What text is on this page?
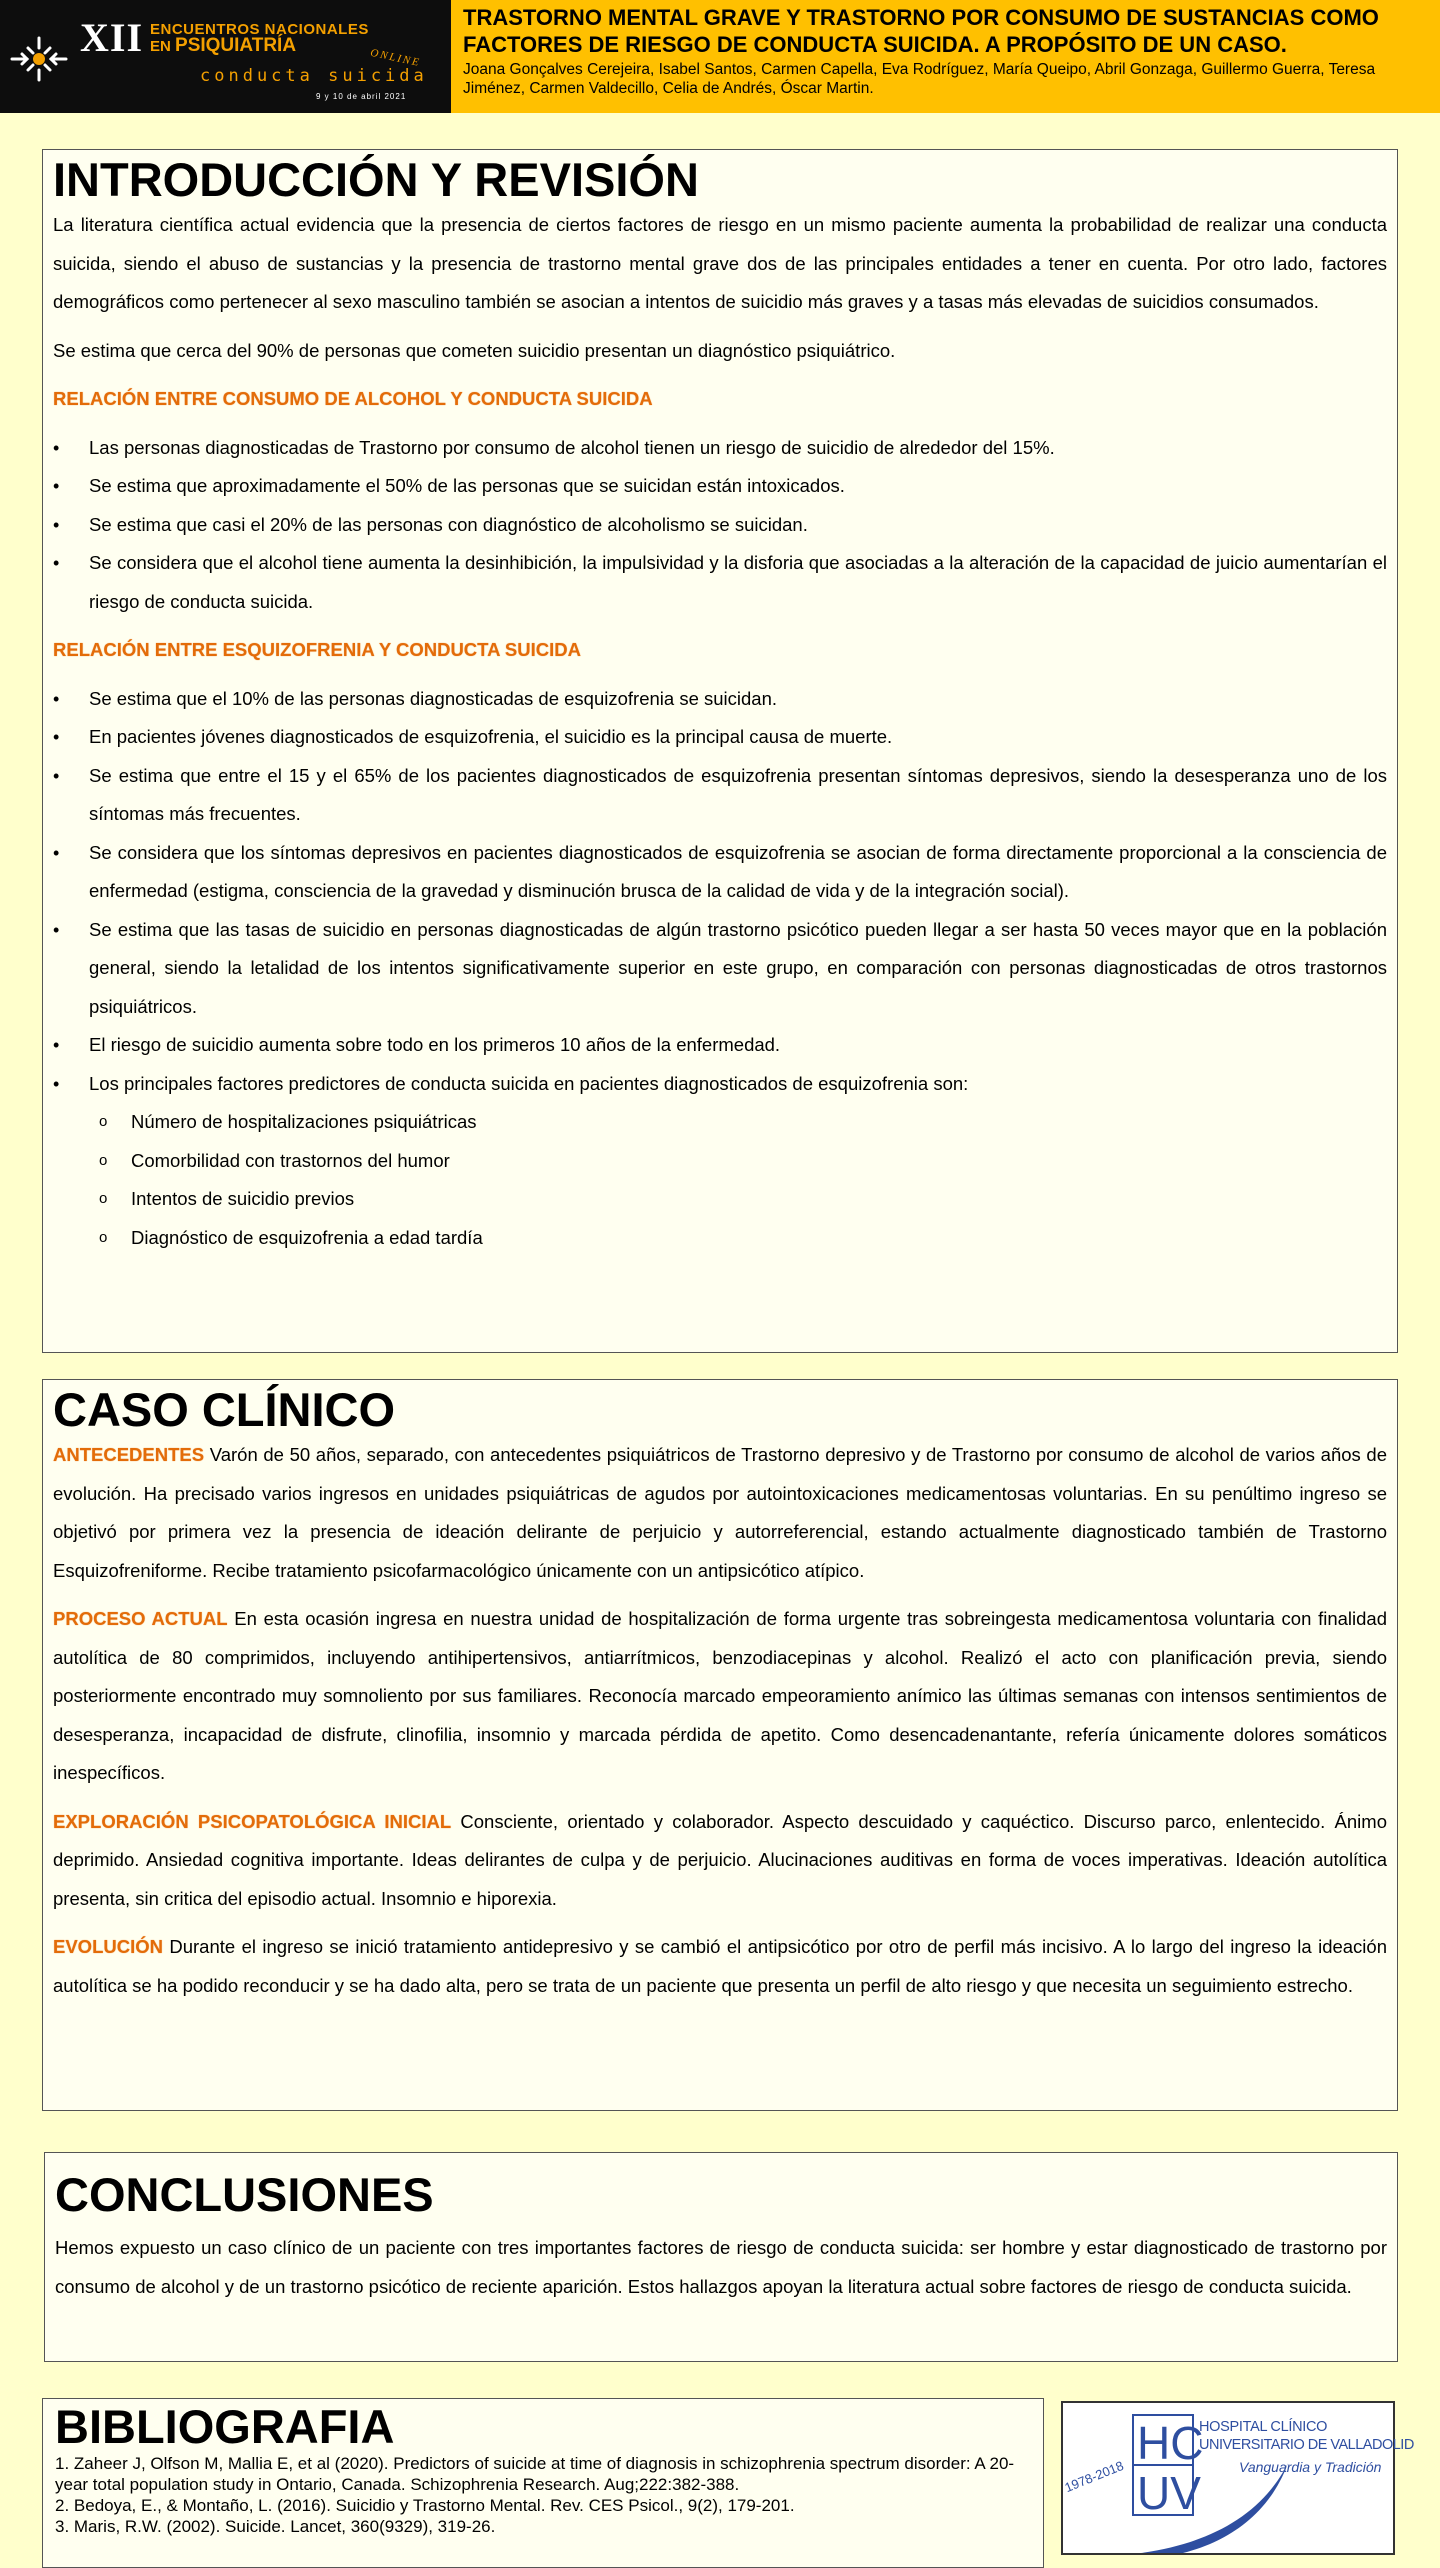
XII ENCUENTROS NACIONALES
EN PSIQUIATRÍA
ONLINE
conducta suicida
9 y 10 de abril 2021
TRASTORNO MENTAL GRAVE Y TRASTORNO POR CONSUMO DE SUSTANCIAS COMO FACTORES DE RIESGO DE CONDUCTA SUICIDA. A PROPÓSITO DE UN CASO.
Joana Gonçalves Cerejeira, Isabel Santos, Carmen Capella, Eva Rodríguez, María Queipo, Abril Gonzaga, Guillermo Guerra, Teresa Jiménez, Carmen Valdecillo, Celia de Andrés, Óscar Martin.
INTRODUCCIÓN Y REVISIÓN

La literatura científica actual evidencia que la presencia de ciertos factores de riesgo en un mismo paciente aumenta la probabilidad de realizar una conducta suicida, siendo el abuso de sustancias y la presencia de trastorno mental grave dos de las principales entidades a tener en cuenta. Por otro lado, factores demográficos como pertenecer al sexo masculino también se asocian a intentos de suicidio más graves y a tasas más elevadas de suicidios consumados.

Se estima que cerca del 90% de personas que cometen suicidio presentan un diagnóstico psiquiátrico.

RELACIÓN ENTRE CONSUMO DE ALCOHOL Y CONDUCTA SUICIDA

• Las personas diagnosticadas de Trastorno por consumo de alcohol tienen un riesgo de suicidio de alrededor del 15%.
• Se estima que aproximadamente el 50% de las personas que se suicidan están intoxicados.
• Se estima que casi el 20% de las personas con diagnóstico de alcoholismo se suicidan.
• Se considera que el alcohol tiene aumenta la desinhibición, la impulsividad y la disforia que asociadas a la alteración de la capacidad de juicio aumentarían el riesgo de conducta suicida.

RELACIÓN ENTRE ESQUIZOFRENIA Y CONDUCTA SUICIDA

• Se estima que el 10% de las personas diagnosticadas de esquizofrenia se suicidan.
• En pacientes jóvenes diagnosticados de esquizofrenia, el suicidio es la principal causa de muerte.
• Se estima que entre el 15 y el 65% de los pacientes diagnosticados de esquizofrenia presentan síntomas depresivos, siendo la desesperanza uno de los síntomas más frecuentes.
• Se considera que los síntomas depresivos en pacientes diagnosticados de esquizofrenia se asocian de forma directamente proporcional a la consciencia de enfermedad (estigma, consciencia de la gravedad y disminución brusca de la calidad de vida y de la integración social).
• Se estima que las tasas de suicidio en personas diagnosticadas de algún trastorno psicótico pueden llegar a ser hasta 50 veces mayor que en la población general, siendo la letalidad de los intentos significativamente superior en este grupo, en comparación con personas diagnosticadas de otros trastornos psiquiátricos.
• El riesgo de suicidio aumenta sobre todo en los primeros 10 años de la enfermedad.
• Los principales factores predictores de conducta suicida en pacientes diagnosticados de esquizofrenia son:
o Número de hospitalizaciones psiquiátricas
o Comorbilidad con trastornos del humor
o Intentos de suicidio previos
o Diagnóstico de esquizofrenia a edad tardía
CASO CLÍNICO

ANTECEDENTES Varón de 50 años, separado, con antecedentes psiquiátricos de Trastorno depresivo y de Trastorno por consumo de alcohol de varios años de evolución. Ha precisado varios ingresos en unidades psiquiátricas de agudos por autointoxicaciones medicamentosas voluntarias. En su penúltimo ingreso se objetivó por primera vez la presencia de ideación delirante de perjuicio y autorreferencial, estando actualmente diagnosticado también de Trastorno Esquizofreniforme. Recibe tratamiento psicofarmacológico únicamente con un antipsicótico atípico.

PROCESO ACTUAL En esta ocasión ingresa en nuestra unidad de hospitalización de forma urgente tras sobreingesta medicamentosa voluntaria con finalidad autolítica de 80 comprimidos, incluyendo antihipertensivos, antiarrítmicos, benzodiacepinas y alcohol. Realizó el acto con planificación previa, siendo posteriormente encontrado muy somnoliento por sus familiares. Reconocía marcado empeoramiento anímico las últimas semanas con intensos sentimientos de desesperanza, incapacidad de disfrute, clinofilia, insomnio y marcada pérdida de apetito. Como desencadenantante, refería únicamente dolores somáticos inespecíficos.

EXPLORACIÓN PSICOPATOLÓGICA INICIAL Consciente, orientado y colaborador. Aspecto descuidado y caquéctico. Discurso parco, enlentecido. Ánimo deprimido. Ansiedad cognitiva importante. Ideas delirantes de culpa y de perjuicio. Alucinaciones auditivas en forma de voces imperativas. Ideación autolítica presenta, sin critica del episodio actual. Insomnio e hiporexia.

EVOLUCIÓN Durante el ingreso se inició tratamiento antidepresivo y se cambió el antipsicótico por otro de perfil más incisivo. A lo largo del ingreso la ideación autolítica se ha podido reconducir y se ha dado alta, pero se trata de un paciente que presenta un perfil de alto riesgo y que necesita un seguimiento estrecho.

CONCLUSIONES

Hemos expuesto un caso clínico de un paciente con tres importantes factores de riesgo de conducta suicida: ser hombre y estar diagnosticado de trastorno por consumo de alcohol y de un trastorno psicótico de reciente aparición. Estos hallazgos apoyan la literatura actual sobre factores de riesgo de conducta suicida.

BIBLIOGRAFIA

1. Zaheer J, Olfson M, Mallia E, et al (2020). Predictors of suicide at time of diagnosis in schizophrenia spectrum disorder: A 20-year total population study in Ontario, Canada. Schizophrenia Research. Aug;222:382-388.

2. Bedoya, E., & Montaño, L. (2016). Suicidio y Trastorno Mental. Rev. CES Psicol., 9(2), 179-201.

3. Maris, R.W. (2002). Suicide. Lancet, 360(9329), 319-26.

HC
UV
HOSPITAL CLÍNICO
UNIVERSITARIO DE VALLADOLID
Vanguardia y Tradición
1978-2018
